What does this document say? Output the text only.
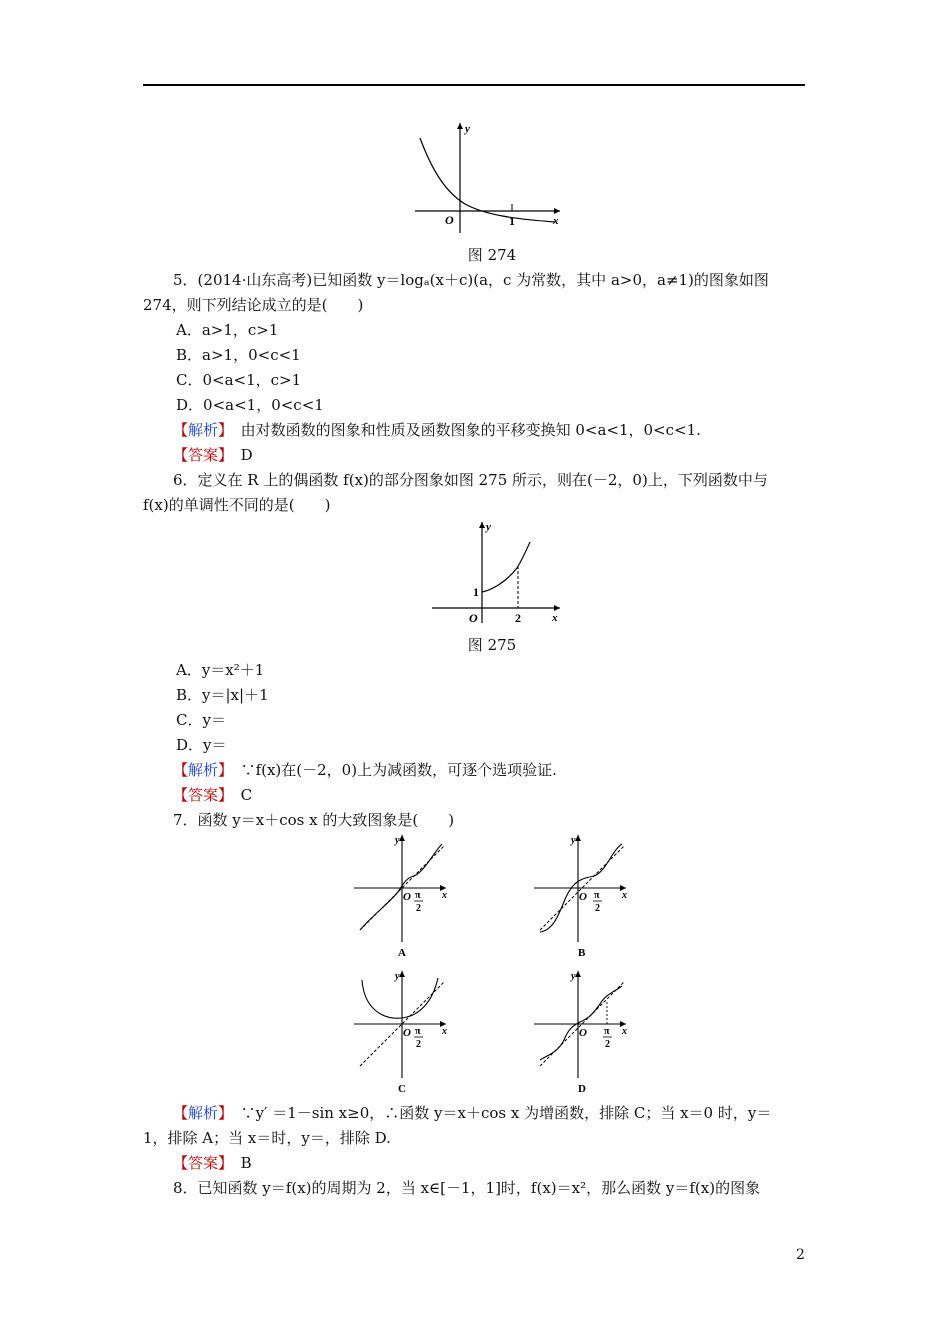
y
x
O	1
图 274
5．(2014·山东高考)已知函数 y＝logₐ(x＋c)(a，c 为常数，其中 a>0，a≠1)的图象如图
274，则下列结论成立的是(　　)
A．a>1，c>1
B．a>1，0<c<1
C．0<a<1，c>1
D．0<a<1，0<c<1
【解析】　 由对数函数的图象和性质及函数图象的平移变换知 0<a<1，0<c<1.
【答案】　 D
6．定义在 R 上的偶函数 f(x)的部分图象如图 275 所示，则在(－2，0)上，下列函数中与
f(x)的单调性不同的是(　　)
y
x
O
1
2
图 275
A．y＝x²＋1
B．y＝|x|＋1
C．y＝
D．y＝
【解析】　 ∵f(x)在(－2，0)上为减函数，可逐个选项验证.
【答案】　 C
7．函数 y＝x＋cos x 的大致图象是(　　)
y
x
O π
2
A
y
x
O π
2
B
y
x
O π
2
C
y
x
O π
2
D
【解析】　 ∵y′ ＝1－sin x≥0，∴函数 y＝x＋cos x 为增函数，排除 C；当 x＝0 时，y＝
1，排除 A；当 x＝时，y＝，排除 D.
【答案】　 B
8．已知函数 y＝f(x)的周期为 2，当 x∈[－1，1]时，f(x)＝x²，那么函数 y＝f(x)的图象
2
